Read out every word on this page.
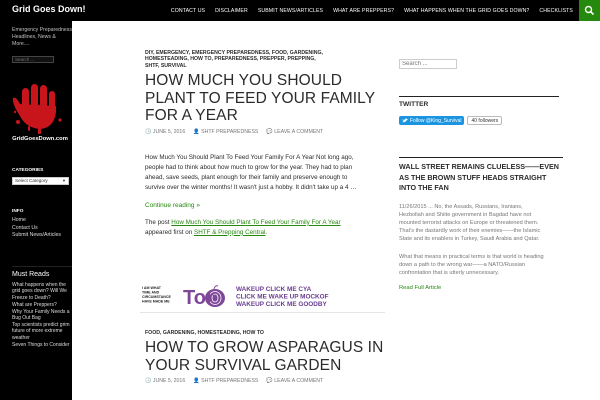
Grid Goes Down!	CONTACT US	DISCLAIMER	SUBMIT NEWS/ARTICLES	WHAT ARE PREPPERS?	WHAT HAPPENS WHEN THE GRID GOES DOWN?	CHECKLISTS
Emergency Preparedness Headlines, News & More....
Search ...
GridGoesDown.com
CATEGORIES
Select Category	▼
INFO
Home
Contact Us
Submit News/Articles
Must Reads
What happens when the grid goes down? Will We Freeze to Death?
What are Preppers?
Why Your Family Needs a Bug Out Bag
Top scientists predict grim future of more extreme weather
Seven Things to Consider
DIY, EMERGENCY, EMERGENCY PREPAREDNESS, FOOD, GARDENING, HOMESTEADING, HOW TO, PREPAREDNESS, PREPPER, PREPPING, SHTF, SURVIVAL
HOW MUCH YOU SHOULD PLANT TO FEED YOUR FAMILY FOR A YEAR
🕒 JUNE 5, 2016 👤 SHTF PREPAREDNESS 💬 LEAVE A COMMENT
How Much You Should Plant To Feed Your Family For A Year Not long ago, people had to think about how much to grow for the year. They had to plan ahead, save seeds, plant enough for their family and preserve enough to survive over the winter months! It wasn't just a hobby. It didn't take up a 4 …
Continue reading »
The post How Much You Should Plant To Feed Your Family For A Year appeared first on SHTF & Prepping Central.
I AM WHAT
TIME AND
CIRCUMSTANCE
HAVE MADE ME Tor	WAKEUP CLICK ME CYA
CLICK ME WAKE UP MOCKOF
WAKEUP CLICK ME GOODBY
FOOD, GARDENING, HOMESTEADING, HOW TO
HOW TO GROW ASPARAGUS IN YOUR SURVIVAL GARDEN
🕒 JUNE 5, 2016 👤 SHTF PREPAREDNESS 💬 LEAVE A COMMENT
Search ...
TWITTER
Follow @King_Survival	40 followers
WALL STREET REMAINS CLUELESS——EVEN AS THE BROWN STUFF HEADS STRAIGHT INTO THE FAN
11/26/2015 ... No, the Assads, Russians, Iranians, Hezbollah and Shiite government in Bagdad have not mounted terrorist attacks on Europe or threatened them. That's the dastardly work of their enemies——the Islamic State and its enablers in Turkey, Saudi Arabia and Qatar.
What that means in practical terms is that world is heading down a path to the wrong war——a NATO/Russian confrontation that is utterly unnecessary.
Read Full Article
